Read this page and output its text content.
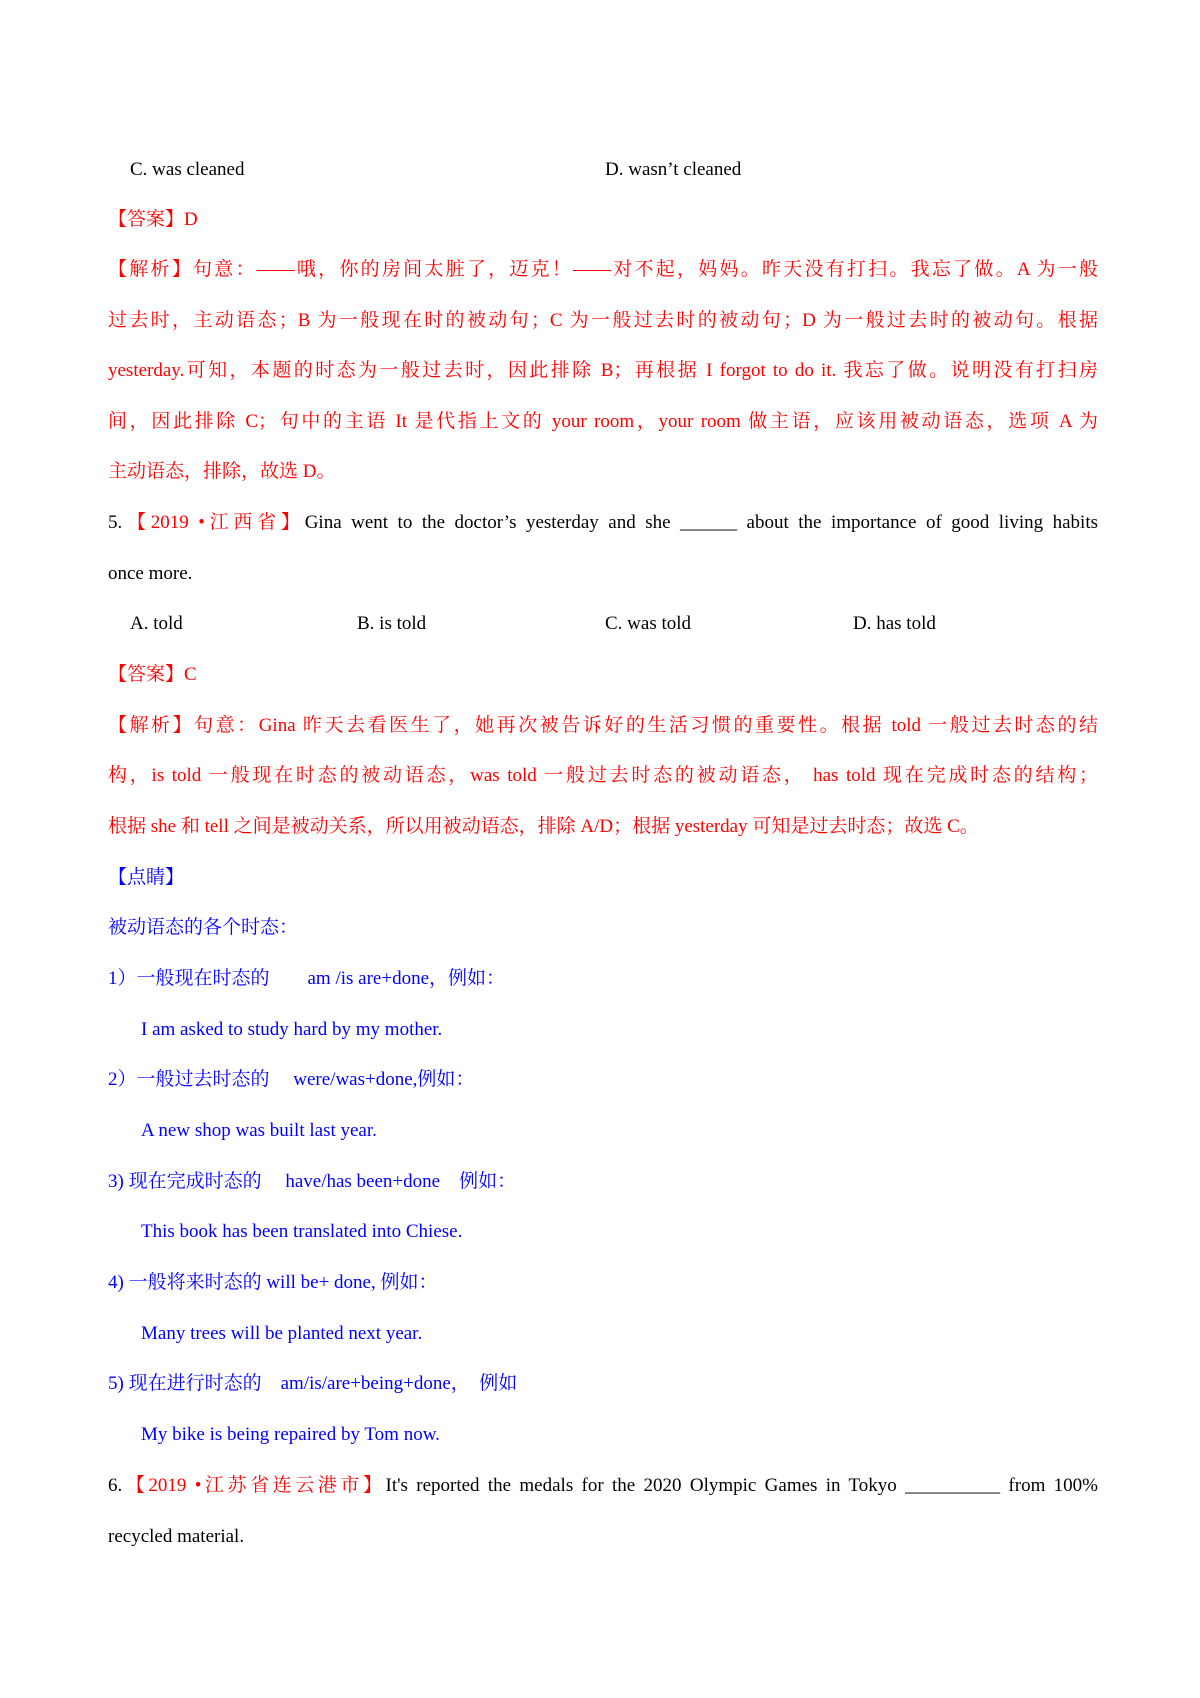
C. was cleaned	D. wasn’t cleaned
【答案】D
【解析】句意：——哦，你的房间太脏了，迈克！——对不起，妈妈。昨天没有打扫。我忘了做。A 为一般
过去时，主动语态；B 为一般现在时的被动句；C 为一般过去时的被动句；D 为一般过去时的被动句。根据
yesterday.可知，本题的时态为一般过去时，因此排除 B；再根据 I forgot to do it. 我忘了做。说明没有打扫房
间，因此排除 C；句中的主语 It 是代指上文的 your room，your room 做主语，应该用被动语态，选项 A 为
主动语态，排除，故选 D。
5.【2019 •江西省】Gina went to the doctor’s yesterday and she ______ about the importance of good living habits
once more.
A. told	B. is told	C. was told	D. has told
【答案】C
【解析】句意：Gina 昨天去看医生了，她再次被告诉好的生活习惯的重要性。根据 told 一般过去时态的结
构，is told 一般现在时态的被动语态，was told 一般过去时态的被动语态， has told 现在完成时态的结构；
根据 she 和 tell 之间是被动关系，所以用被动语态，排除 A/D；根据 yesterday 可知是过去时态；故选 C。
【点睛】
被动语态的各个时态：
1）一般现在时态的　　am /is are+done，例如：
I am asked to study hard by my mother.
2）一般过去时态的　 were/was+done,例如：
A new shop was built last year.
3) 现在完成时态的　 have/has been+done　例如：
This book has been translated into Chiese.
4) 一般将来时态的 will be+ done, 例如：
Many trees will be planted next year.
5) 现在进行时态的　am/is/are+being+done，　例如
My bike is being repaired by Tom now.
6.【2019 •江苏省连云港市】It's reported the medals for the 2020 Olympic Games in Tokyo __________ from 100%
recycled material.
